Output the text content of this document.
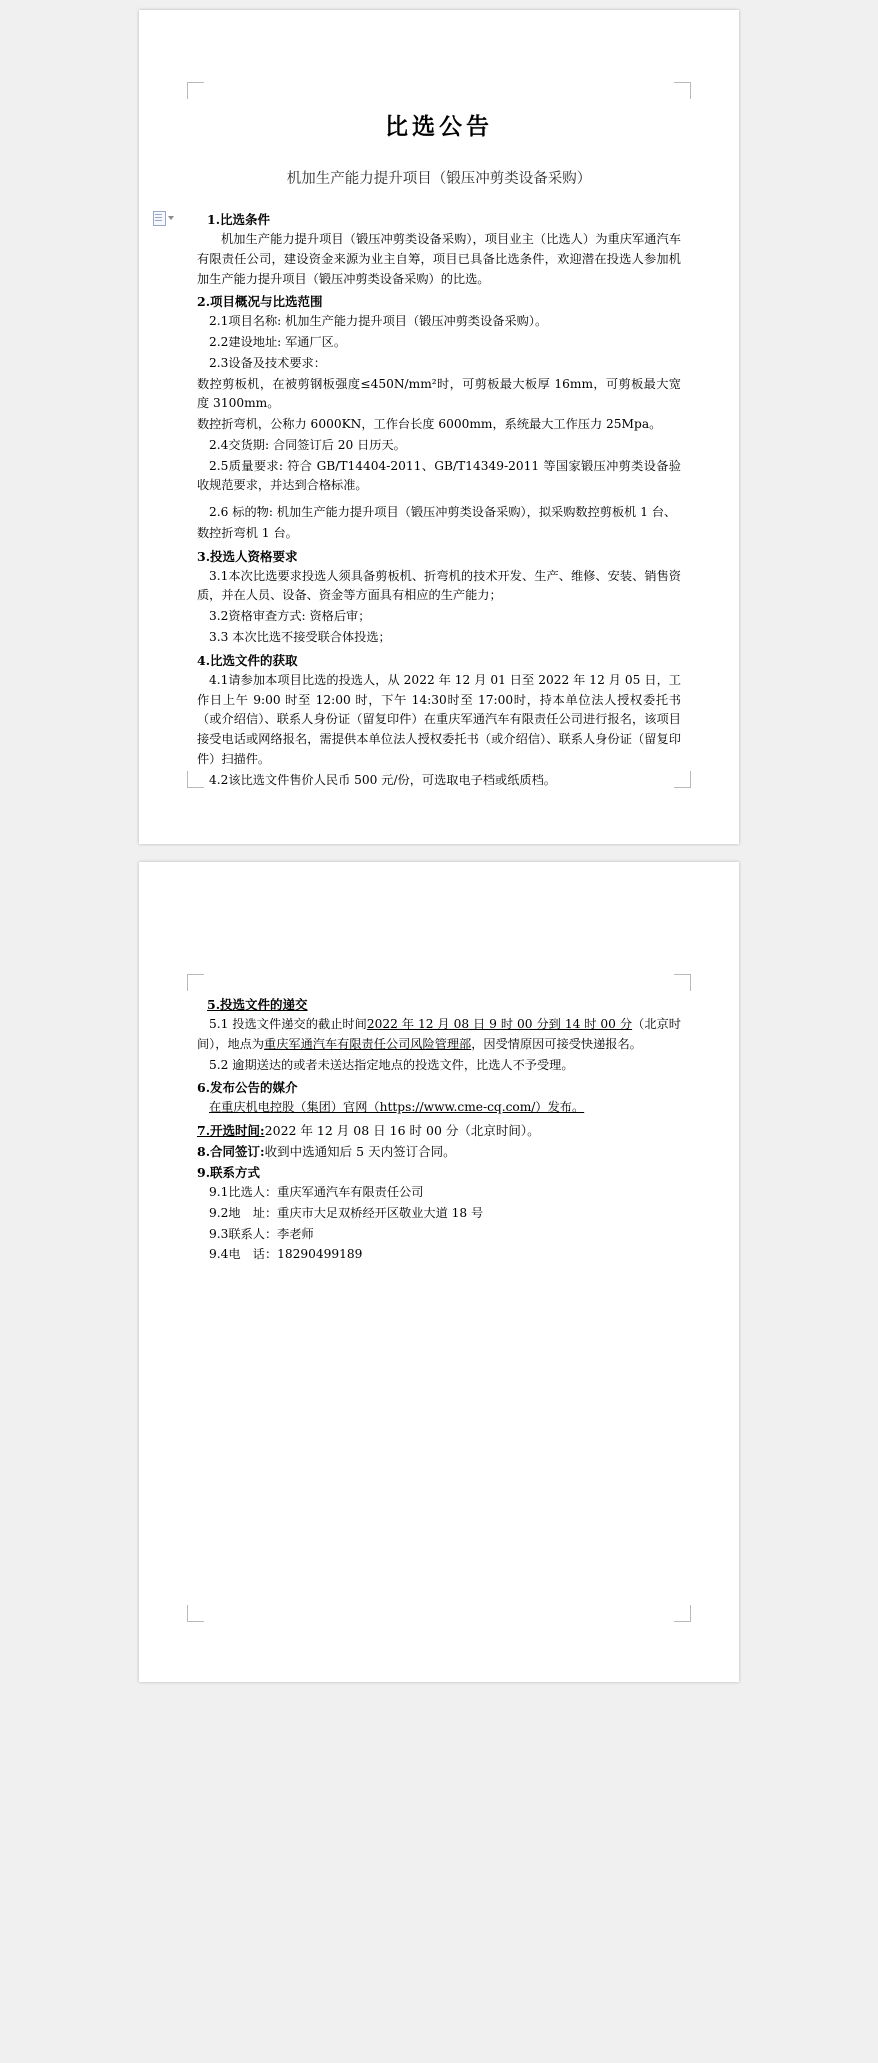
比选公告
机加生产能力提升项目（锻压冲剪类设备采购）
1.比选条件

机加生产能力提升项目（锻压冲剪类设备采购），项目业主（比选人）为重庆军通汽车有限责任公司，建设资金来源为业主自筹，项目已具备比选条件，欢迎潜在投选人参加机加生产能力提升项目（锻压冲剪类设备采购）的比选。

2.项目概况与比选范围

2.1项目名称: 机加生产能力提升项目（锻压冲剪类设备采购）。

2.2建设地址: 军通厂区。

2.3设备及技术要求：

数控剪板机，在被剪钢板强度≤450N/mm²时，可剪板最大板厚 16mm，可剪板最大宽度 3100mm。

数控折弯机，公称力 6000KN，工作台长度 6000mm，系统最大工作压力 25Mpa。

2.4交货期: 合同签订后 20 日历天。

2.5质量要求: 符合 GB/T14404-2011、GB/T14349-2011 等国家锻压冲剪类设备验收规范要求，并达到合格标准。

2.6 标的物: 机加生产能力提升项目（锻压冲剪类设备采购），拟采购数控剪板机 1 台、

数控折弯机 1 台。

3.投选人资格要求

3.1本次比选要求投选人须具备剪板机、折弯机的技术开发、生产、维修、安装、销售资质，并在人员、设备、资金等方面具有相应的生产能力；

3.2资格审查方式: 资格后审；

3.3 本次比选不接受联合体投选；

4.比选文件的获取

4.1请参加本项目比选的投选人，从 2022 年 12 月 01 日至 2022 年 12 月 05 日，工作日上午 9:00 时至 12:00 时，下午 14:30时至 17:00时，持本单位法人授权委托书（或介绍信）、联系人身份证（留复印件）在重庆军通汽车有限责任公司进行报名，该项目接受电话或网络报名，需提供本单位法人授权委托书（或介绍信）、联系人身份证（留复印件）扫描件。

4.2该比选文件售价人民币 500 元/份，可选取电子档或纸质档。

5.投选文件的递交

5.1 投选文件递交的截止时间2022 年 12 月 08 日 9 时 00 分到 14 时 00 分（北京时间），地点为重庆军通汽车有限责任公司风险管理部，因受情原因可接受快递报名。

5.2 逾期送达的或者未送达指定地点的投选文件，比选人不予受理。

6.发布公告的媒介

在重庆机电控股（集团）官网（https://www.cme-cq.com/）发布。

7.开选时间:2022 年 12 月 08 日 16 时 00 分（北京时间）。
8.合同签订:收到中选通知后 5 天内签订合同。
9.联系方式

9.1比选人：重庆军通汽车有限责任公司

9.2地　址：重庆市大足双桥经开区敬业大道 18 号

9.3联系人：李老师

9.4电　话：18290499189
